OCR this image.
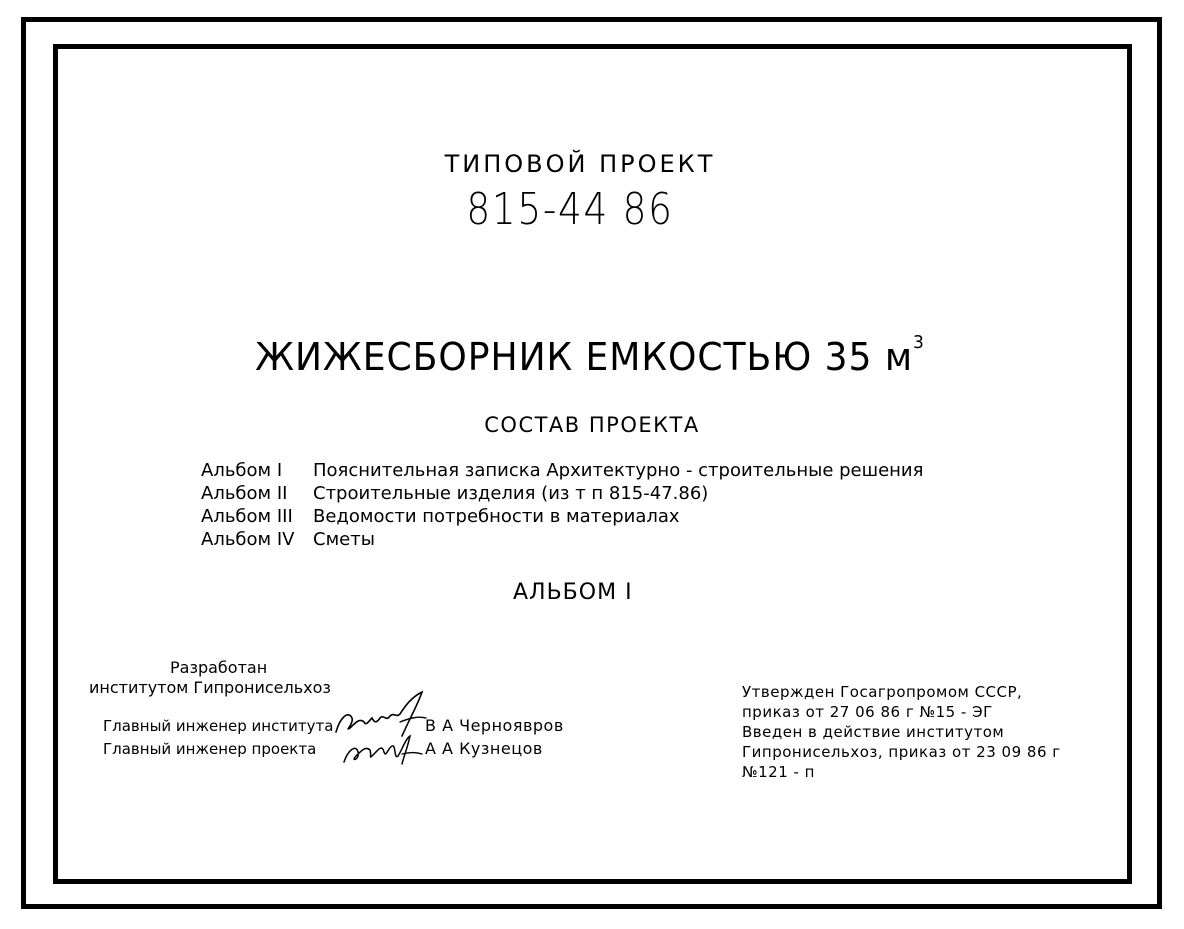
ТИПОВОЙ ПРОЕКТ
815-44 86
ЖИЖЕСБОРНИК ЕМКОСТЬЮ 35 $м^3$
СОСТАВ ПРОЕКТА
Альбом I Пояснительная записка Архитектурно - строительные решения
Альбом II Строительные изделия (из т п 815-47.86)
Альбом III Ведомости потребности в материалах
Альбом IV Сметы
АЛЬБОМ I
Разработан
институтом Гипронисельхоз
Главный инженер института	В А Черноявров
Главный инженер проекта	А А Кузнецов
Утвержден Госагропромом СССР,
приказ от 27 06 86 г №15 - ЭГ
Введен в действие институтом
Гипронисельхоз, приказ от 23 09 86 г
№121 - п
